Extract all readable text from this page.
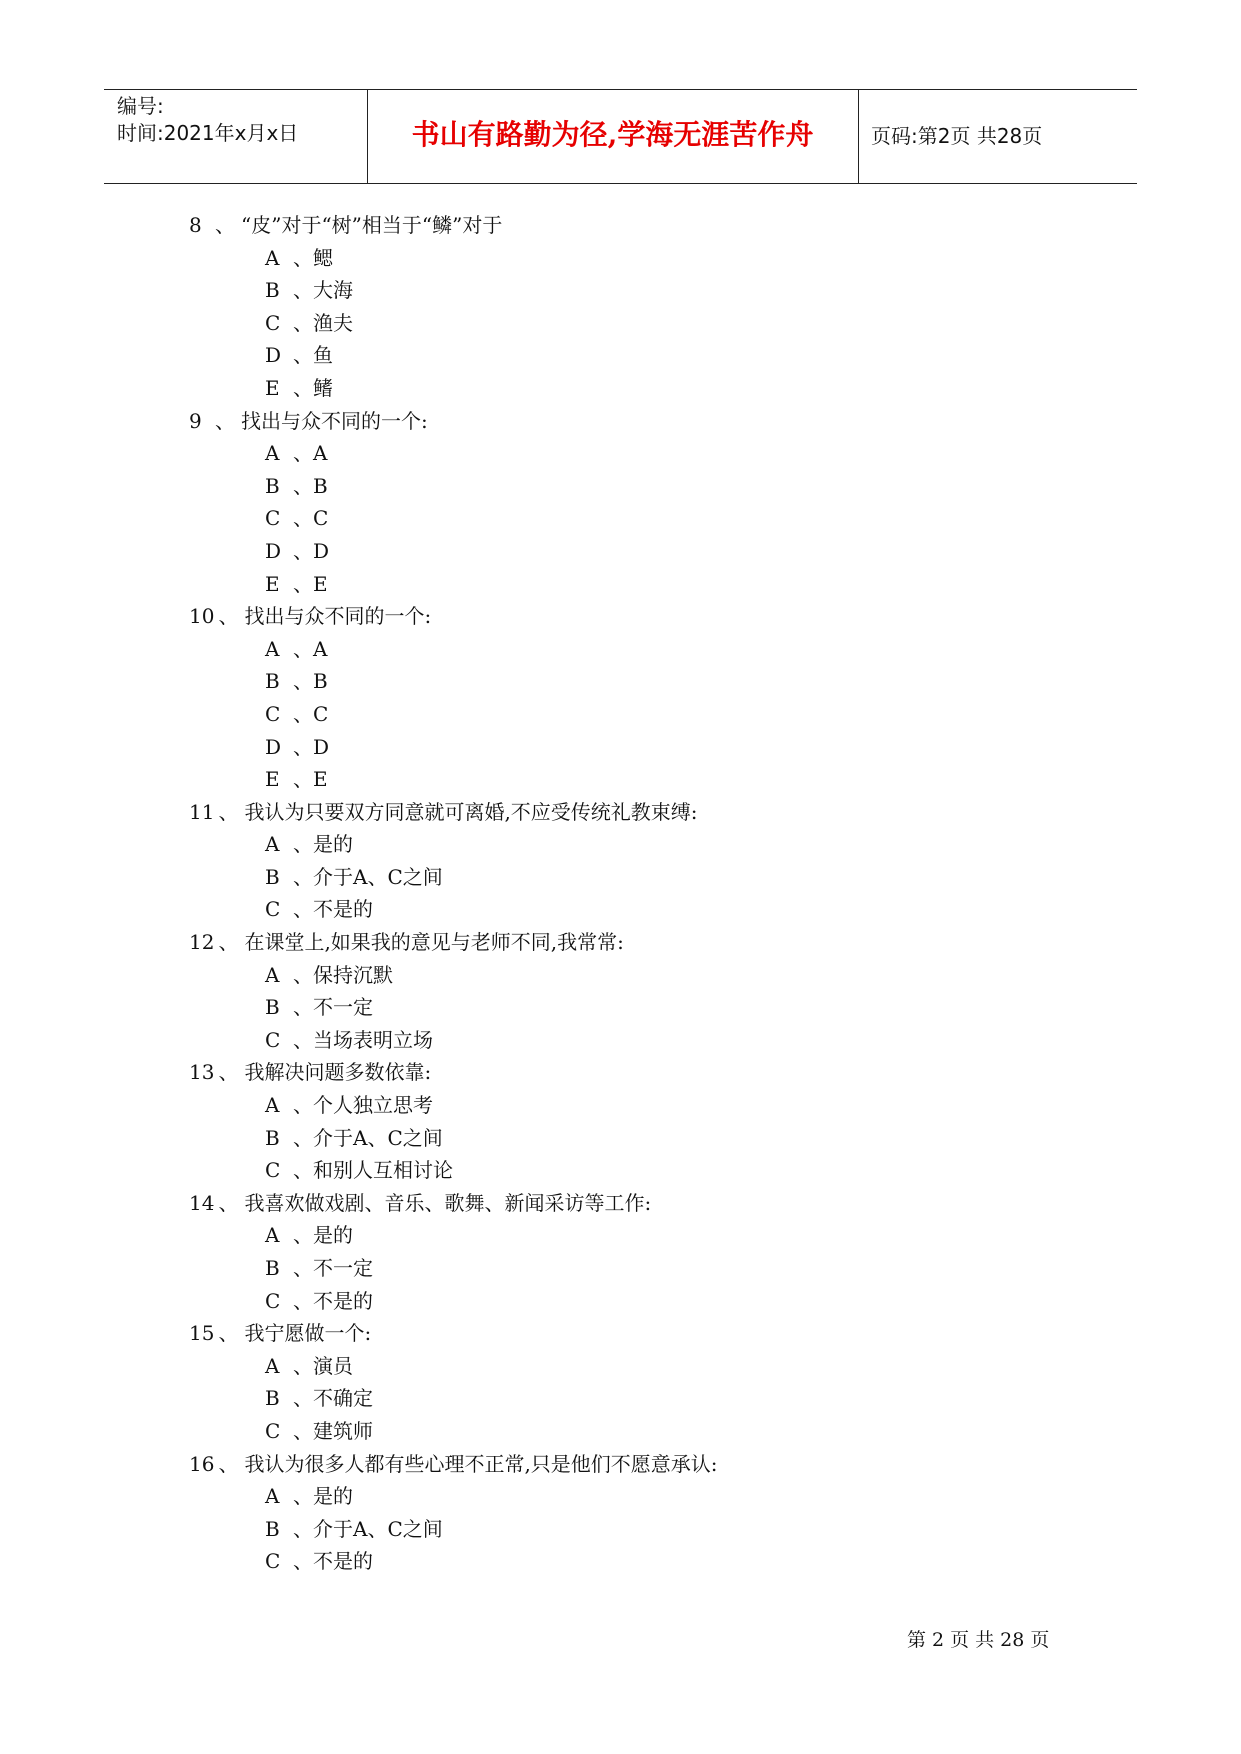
编号:
时间:2021年x月x日	书山有路勤为径,学海无涯苦作舟	页码:第2页 共28页
8 、 “皮”对于“树”相当于“鳞”对于
A 、鳃
B 、大海
C 、渔夫
D 、鱼
E 、鳍
9 、 找出与众不同的一个:
A 、A
B 、B
C 、C
D 、D
E 、E
10 、 找出与众不同的一个:
A 、A
B 、B
C 、C
D 、D
E 、E
11 、 我认为只要双方同意就可离婚,不应受传统礼教束缚:
A 、是的
B 、介于A、C之间
C 、不是的
12 、 在课堂上,如果我的意见与老师不同,我常常:
A 、保持沉默
B 、不一定
C 、当场表明立场
13 、 我解决问题多数依靠:
A 、个人独立思考
B 、介于A、C之间
C 、和别人互相讨论
14 、 我喜欢做戏剧、音乐、歌舞、新闻采访等工作:
A 、是的
B 、不一定
C 、不是的
15 、 我宁愿做一个:
A 、演员
B 、不确定
C 、建筑师
16 、 我认为很多人都有些心理不正常,只是他们不愿意承认:
A 、是的
B 、介于A、C之间
C 、不是的
第 2 页 共 28 页
